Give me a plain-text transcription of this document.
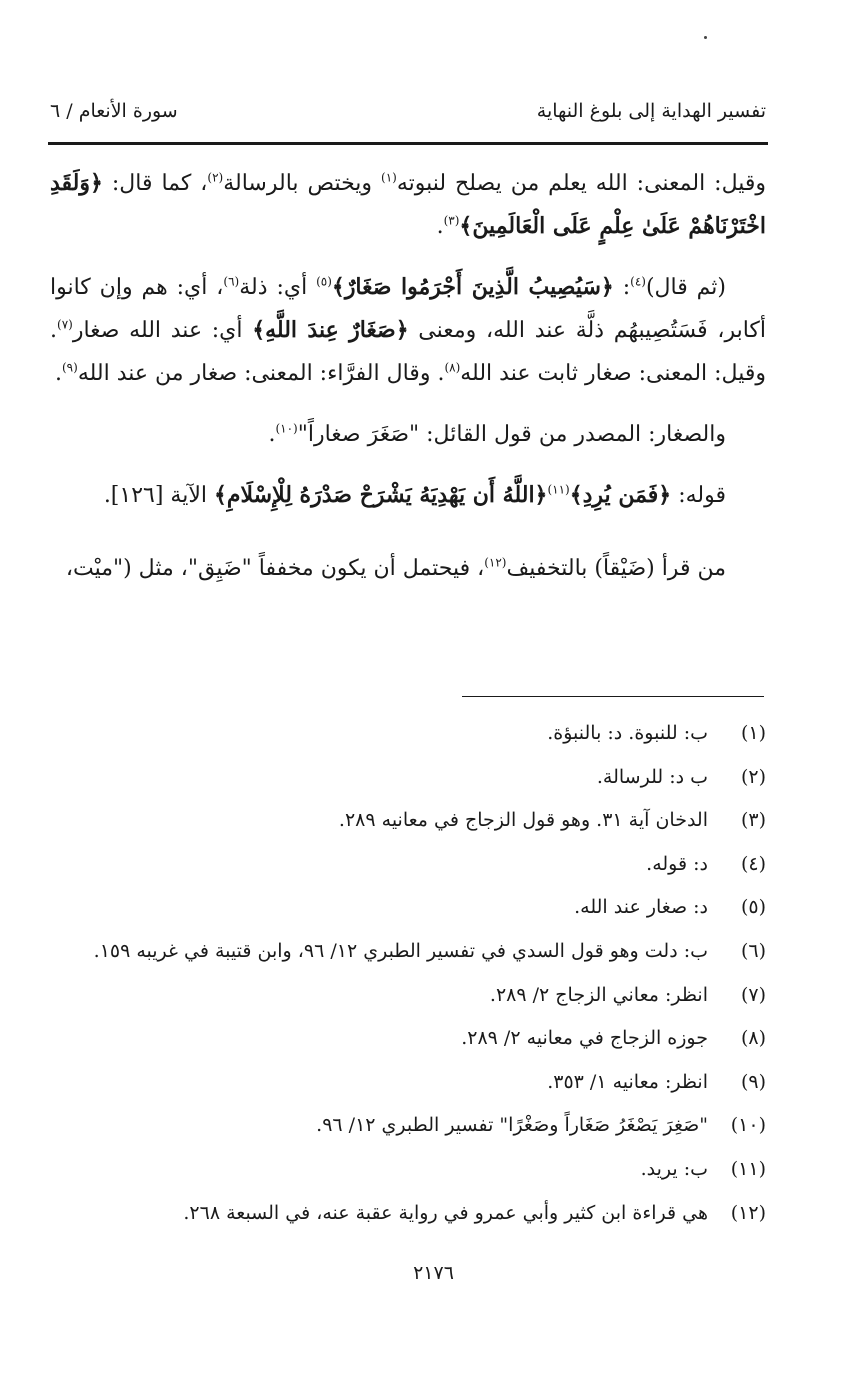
تفسير الهداية إلى بلوغ النهاية
سورة الأنعام / ٦

وقيل: المعنى: الله يعلم من يصلح لنبوته$^{(١)}$ ويختص بالرسالة$^{(٢)}$، كما قال: ﴿وَلَقَدِ اخْتَرْنَاهُمْ عَلَىٰ عِلْمٍ عَلَى الْعَالَمِينَ﴾$^{(٣)}$.

(ثم قال)$^{(٤)}$: ﴿سَيُصِيبُ الَّذِينَ أَجْرَمُوا صَغَارٌ﴾$^{(٥)}$ أي: ذلة$^{(٦)}$، أي: هم وإن كانوا أكابر، فَسَتُصِيبهُم ذلَّة عند الله، ومعنى ﴿صَغَارٌ عِندَ اللَّهِ﴾ أي: عند الله صغار$^{(٧)}$. وقيل: المعنى: صغار ثابت عند الله$^{(٨)}$. وقال الفرَّاء: المعنى: صغار من عند الله$^{(٩)}$.

والصغار: المصدر من قول القائل: "صَغَرَ صغاراً"$^{(١٠)}$.

قوله: ﴿فَمَن يُرِدِ﴾$^{(١١)}$﴿اللَّهُ أَن يَهْدِيَهُ يَشْرَحْ صَدْرَهُ لِلْإِسْلَامِ﴾ الآية [١٢٦].

من قرأ (ضَيْقاً) بالتخفيف$^{(١٢)}$، فيحتمل أن يكون مخففاً "ضَيِق"، مثل ("ميْت،

(١)
ب: للنبوة. د: بالنبؤة.
(٢)
ب د: للرسالة.
(٣)
الدخان آية ٣١. وهو قول الزجاج في معانيه ٢٨٩.
(٤)
د: قوله.
(٥)
د: صغار عند الله.
(٦)
ب: دلت وهو قول السدي في تفسير الطبري ١٢/ ٩٦، وابن قتيبة في غريبه ١٥٩.
(٧)
انظر: معاني الزجاج ٢/ ٢٨٩.
(٨)
جوزه الزجاج في معانيه ٢/ ٢٨٩.
(٩)
انظر: معانيه ١/ ٣٥٣.
(١٠)
"صَغِرَ يَصْغَرُ صَغَاراً وصَغْرًا" تفسير الطبري ١٢/ ٩٦.
(١١)
ب: يريد.
(١٢)
هي قراءة ابن كثير وأبي عمرو في رواية عقبة عنه، في السبعة ٢٦٨.
٢١٧٦
